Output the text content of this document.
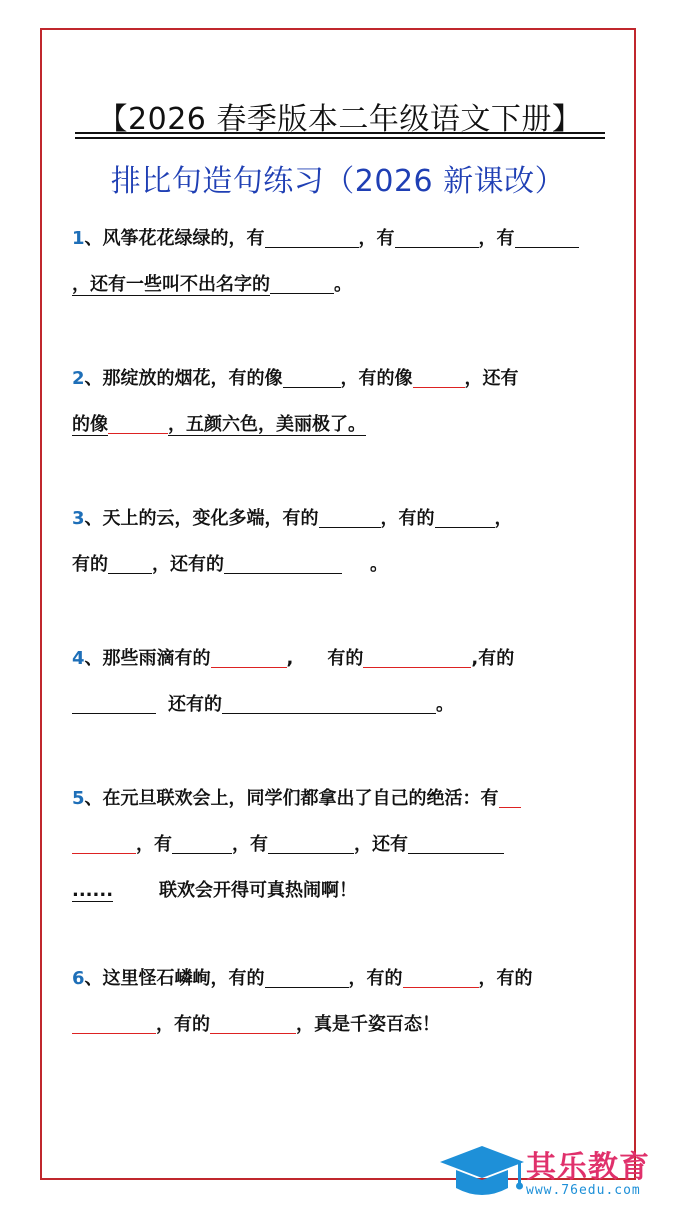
【2026 春季版本二年级语文下册】
排比句造句练习（2026 新课改）
1、风筝花花绿绿的，有	，有	，有
，还有一些叫不出名字的	。
2、那绽放的烟花，有的像	，有的像	，还有
的像	，五颜六色，美丽极了。
3、天上的云，变化多端，有的	，有的	，
有的 ，还有的	。
4、那些雨滴有的	, 有的	,有的
还有的	。
5、在元旦联欢会上，同学们都拿出了自己的绝活：有
，有	，有	，还有
......	联欢会开得可真热闹啊！
6、这里怪石嶙峋，有的	，有的	，有的
，有的	，真是千姿百态！
其乐教育
www.76edu.com
